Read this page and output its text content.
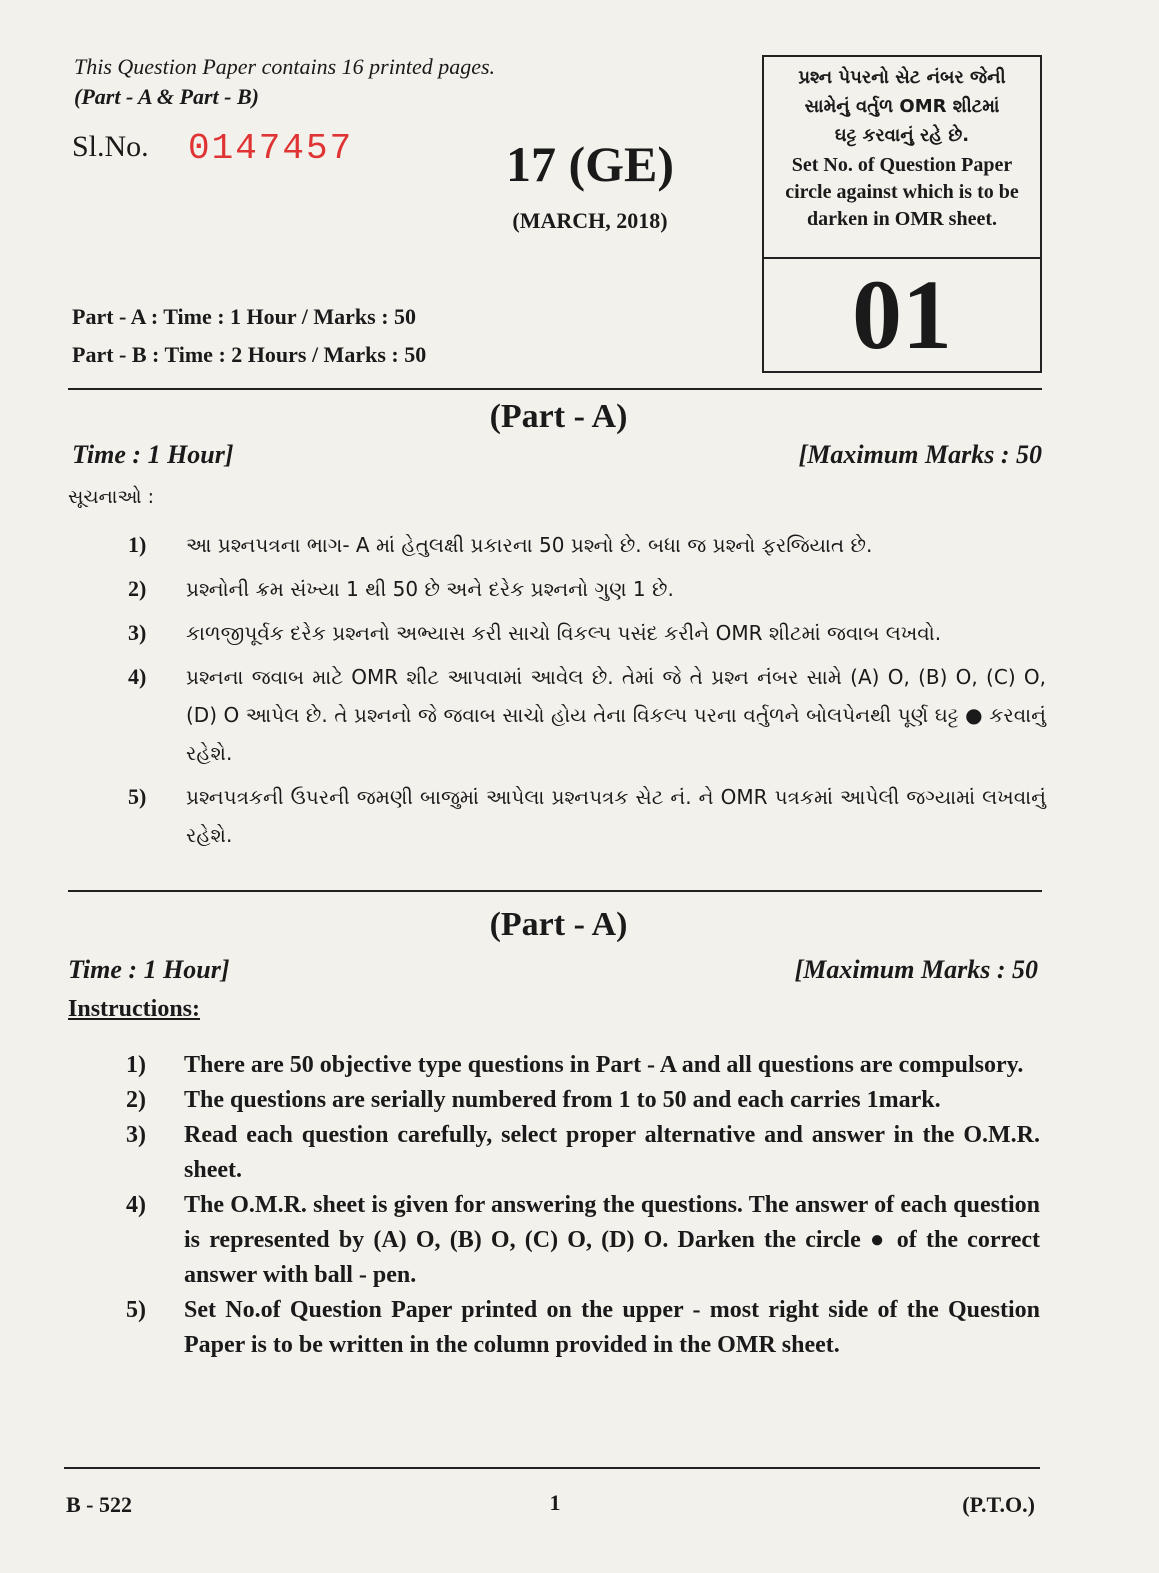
This Question Paper contains 16 printed pages.
(Part - A & Part - B)
Sl.No. 0147457	17 (GE)
(MARCH, 2018)
પ્રશ્ન પેપરનો સેટ નંબર જેની
સામેનું વર્તુળ OMR શીટમાં
ઘટ્ટ કરવાનું રહે છે.
Set No. of Question Paper
circle against which is to be
darken in OMR sheet.
01
Part - A : Time : 1 Hour / Marks : 50
Part - B : Time : 2 Hours / Marks : 50
(Part - A)
Time : 1 Hour]	[Maximum Marks : 50
સૂચનાઓ :
1)	આ પ્રશ્નપત્રના ભાગ- A માં હેતુલક્ષી પ્રકારના 50 પ્રશ્નો છે. બધા જ પ્રશ્નો ફરજિયાત છે.
2)	પ્રશ્નોની ક્રમ સંખ્યા 1 થી 50 છે અને દરેક પ્રશ્નનો ગુણ 1 છે.
3)	કાળજીપૂર્વક દરેક પ્રશ્નનો અભ્યાસ કરી સાચો વિકલ્પ પસંદ કરીને OMR શીટમાં જવાબ લખવો.
4)	પ્રશ્નના જવાબ માટે OMR શીટ આપવામાં આવેલ છે. તેમાં જે તે પ્રશ્ન નંબર સામે (A) O, (B) O, (C) O, (D) O આપેલ છે. તે પ્રશ્નનો જે જવાબ સાચો હોય તેના વિકલ્પ પરના વર્તુળને બોલપેનથી પૂર્ણ ઘટ્ટ ● કરવાનું રહેશે.
5)	પ્રશ્નપત્રકની ઉપરની જમણી બાજુમાં આપેલા પ્રશ્નપત્રક સેટ નં. ને OMR પત્રકમાં આપેલી જગ્યામાં લખવાનું રહેશે.
(Part - A)
Time : 1 Hour]	[Maximum Marks : 50
Instructions:
1)	There are 50 objective type questions in Part - A and all questions are compulsory.
2)	The questions are serially numbered from 1 to 50 and each carries 1mark.
3)	Read each question carefully, select proper alternative and answer in the O.M.R. sheet.
4)	The O.M.R. sheet is given for answering the questions. The answer of each question is represented by (A) O, (B) O, (C) O, (D) O. Darken the circle ● of the correct answer with ball - pen.
5)	Set No.of Question Paper printed on the upper - most right side of the Question Paper is to be written in the column provided in the OMR sheet.
B - 522	1	(P.T.O.)
